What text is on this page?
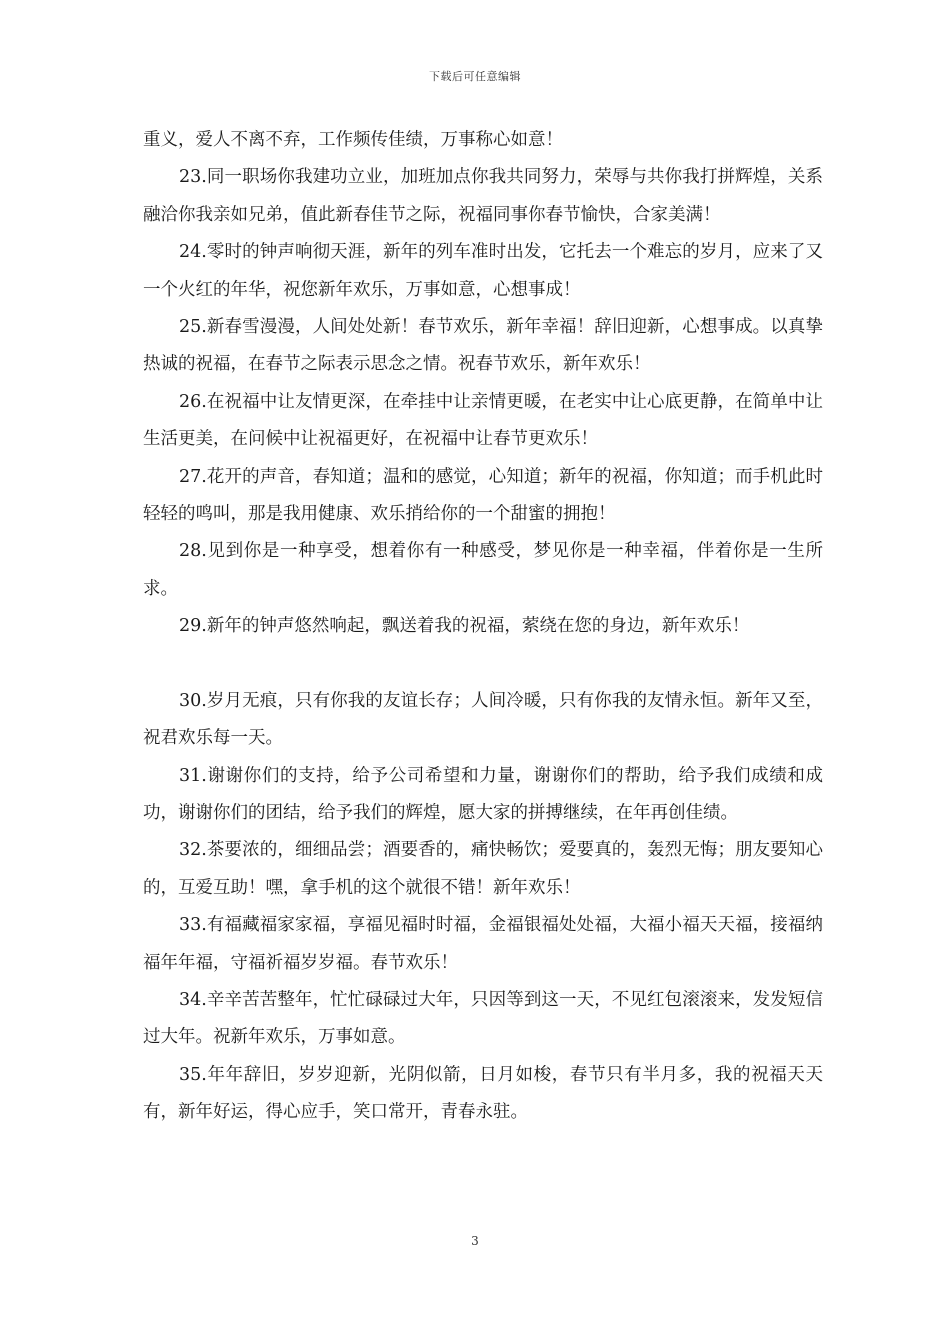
下载后可任意编辑

重义，爱人不离不弃，工作频传佳绩，万事称心如意！

23.同一职场你我建功立业，加班加点你我共同努力，荣辱与共你我打拼辉煌，关系融洽你我亲如兄弟，值此新春佳节之际，祝福同事你春节愉快，合家美满！

24.零时的钟声响彻天涯，新年的列车准时出发，它托去一个难忘的岁月，应来了又一个火红的年华，祝您新年欢乐，万事如意，心想事成！

25.新春雪漫漫，人间处处新！春节欢乐，新年幸福！辞旧迎新，心想事成。以真挚热诚的祝福，在春节之际表示思念之情。祝春节欢乐，新年欢乐！

26.在祝福中让友情更深，在牵挂中让亲情更暖，在老实中让心底更静，在简单中让生活更美，在问候中让祝福更好，在祝福中让春节更欢乐！

27.花开的声音，春知道；温和的感觉，心知道；新年的祝福，你知道；而手机此时轻轻的鸣叫，那是我用健康、欢乐捎给你的一个甜蜜的拥抱！

28.见到你是一种享受，想着你有一种感受，梦见你是一种幸福，伴着你是一生所求。

29.新年的钟声悠然响起，飘送着我的祝福，萦绕在您的身边，新年欢乐！

30.岁月无痕，只有你我的友谊长存；人间冷暖，只有你我的友情永恒。新年又至，祝君欢乐每一天。

31.谢谢你们的支持，给予公司希望和力量，谢谢你们的帮助，给予我们成绩和成功，谢谢你们的团结，给予我们的辉煌，愿大家的拼搏继续，在年再创佳绩。

32.茶要浓的，细细品尝；酒要香的，痛快畅饮；爱要真的，轰烈无悔；朋友要知心的，互爱互助！嘿，拿手机的这个就很不错！新年欢乐！

33.有福藏福家家福，享福见福时时福，金福银福处处福，大福小福天天福，接福纳福年年福，守福祈福岁岁福。春节欢乐！

34.辛辛苦苦整年，忙忙碌碌过大年，只因等到这一天，不见红包滚滚来，发发短信过大年。祝新年欢乐，万事如意。

35.年年辞旧，岁岁迎新，光阴似箭，日月如梭，春节只有半月多，我的祝福天天有，新年好运，得心应手，笑口常开，青春永驻。

3
